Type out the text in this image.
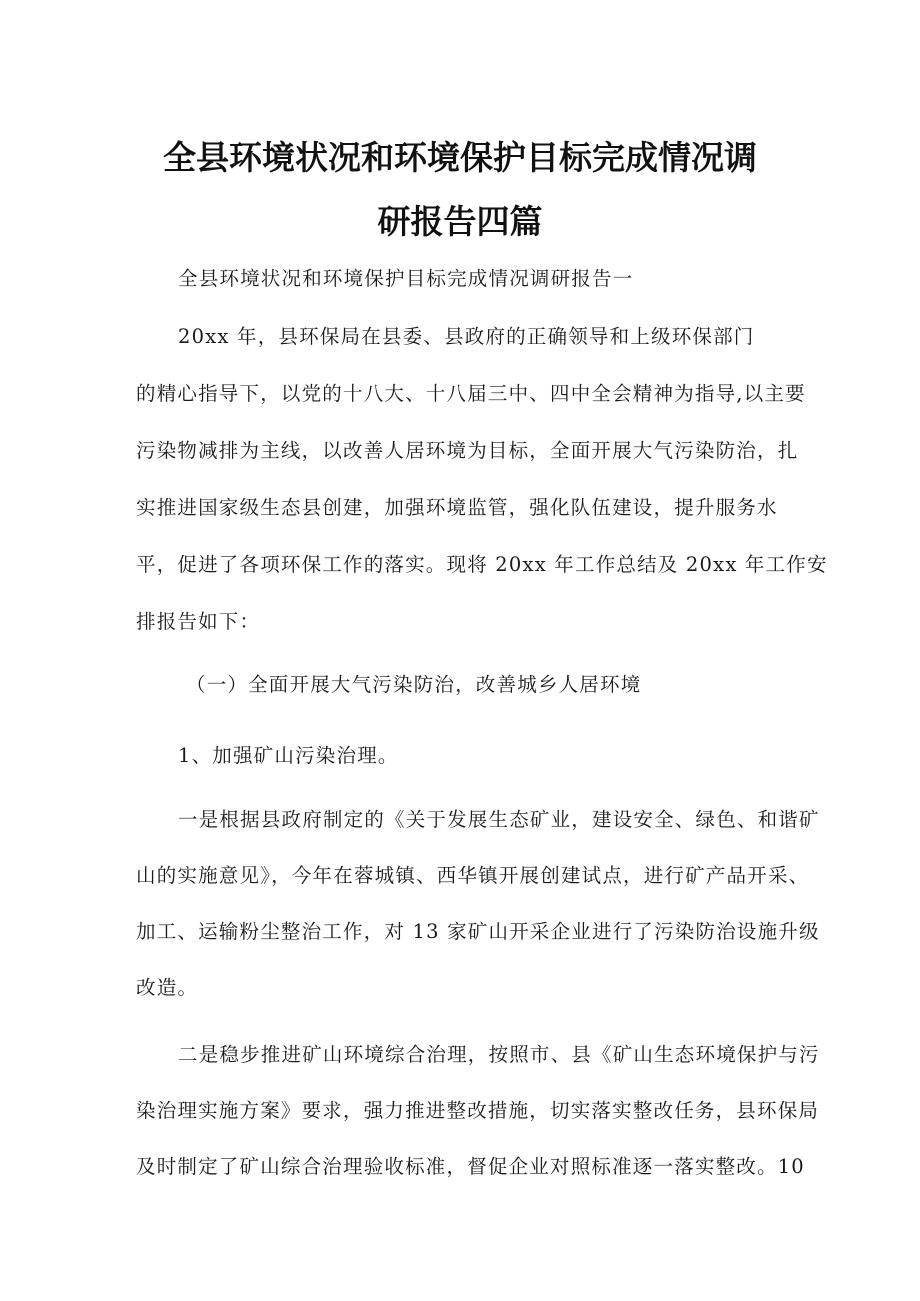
全县环境状况和环境保护目标完成情况调
研报告四篇
全县环境状况和环境保护目标完成情况调研报告一
20xx 年，县环保局在县委、县政府的正确领导和上级环保部门
的精心指导下，以党的十八大、十八届三中、四中全会精神为指导,以主要
污染物减排为主线，以改善人居环境为目标，全面开展大气污染防治，扎
实推进国家级生态县创建，加强环境监管，强化队伍建设，提升服务水
平，促进了各项环保工作的落实。现将 20xx 年工作总结及 20xx 年工作安
排报告如下：
（一）全面开展大气污染防治，改善城乡人居环境
1、加强矿山污染治理。
一是根据县政府制定的《关于发展生态矿业，建设安全、绿色、和谐矿
山的实施意见》，今年在蓉城镇、西华镇开展创建试点，进行矿产品开采、
加工、运输粉尘整治工作，对 13 家矿山开采企业进行了污染防治设施升级
改造。
二是稳步推进矿山环境综合治理，按照市、县《矿山生态环境保护与污
染治理实施方案》要求，强力推进整改措施，切实落实整改任务，县环保局
及时制定了矿山综合治理验收标准，督促企业对照标准逐一落实整改。10
